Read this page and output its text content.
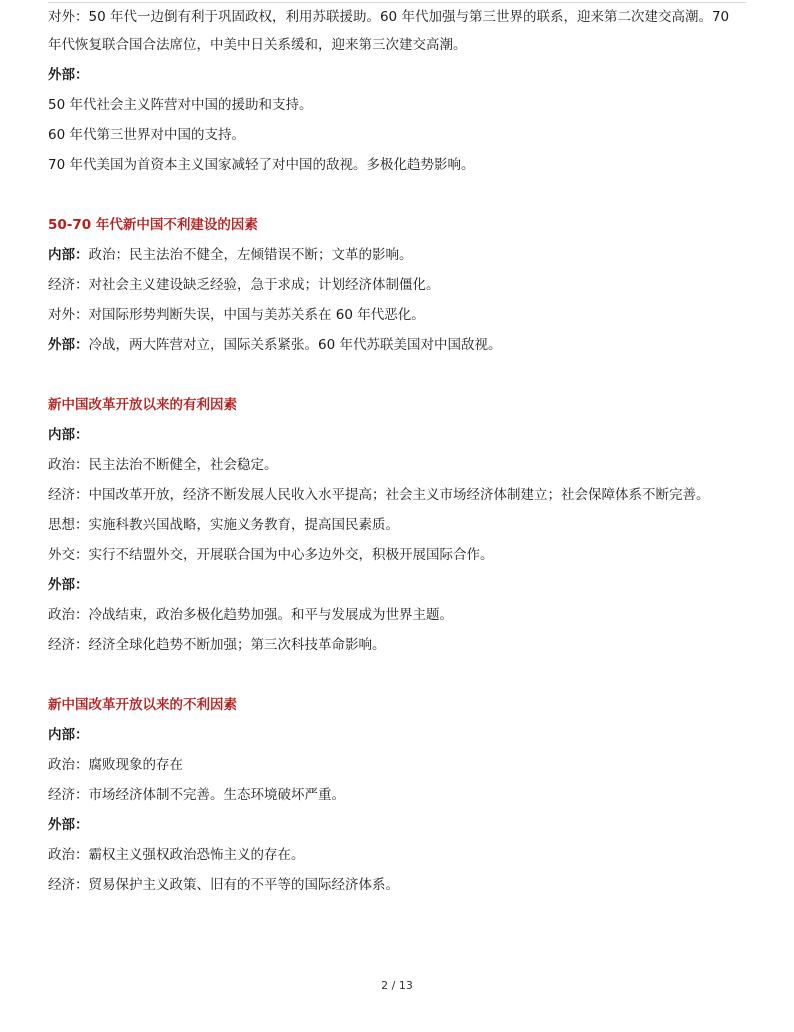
对外：50 年代一边倒有利于巩固政权，利用苏联援助。60 年代加强与第三世界的联系，迎来第二次建交高潮。70
年代恢复联合国合法席位，中美中日关系缓和，迎来第三次建交高潮。
外部：
50 年代社会主义阵营对中国的援助和支持。
60 年代第三世界对中国的支持。
70 年代美国为首资本主义国家减轻了对中国的敌视。多极化趋势影响。
50-70 年代新中国不利建设的因素
内部：政治：民主法治不健全，左倾错误不断；文革的影响。
经济：对社会主义建设缺乏经验，急于求成；计划经济体制僵化。
对外：对国际形势判断失误，中国与美苏关系在 60 年代恶化。
外部：冷战，两大阵营对立，国际关系紧张。60 年代苏联美国对中国敌视。
新中国改革开放以来的有利因素
内部：
政治：民主法治不断健全，社会稳定。
经济：中国改革开放，经济不断发展人民收入水平提高；社会主义市场经济体制建立；社会保障体系不断完善。
思想：实施科教兴国战略，实施义务教育，提高国民素质。
外交：实行不结盟外交，开展联合国为中心多边外交，积极开展国际合作。
外部：
政治：冷战结束，政治多极化趋势加强。和平与发展成为世界主题。
经济：经济全球化趋势不断加强；第三次科技革命影响。
新中国改革开放以来的不利因素
内部：
政治：腐败现象的存在
经济：市场经济体制不完善。生态环境破坏严重。
外部：
政治：霸权主义强权政治恐怖主义的存在。
经济：贸易保护主义政策、旧有的不平等的国际经济体系。
2 / 13
